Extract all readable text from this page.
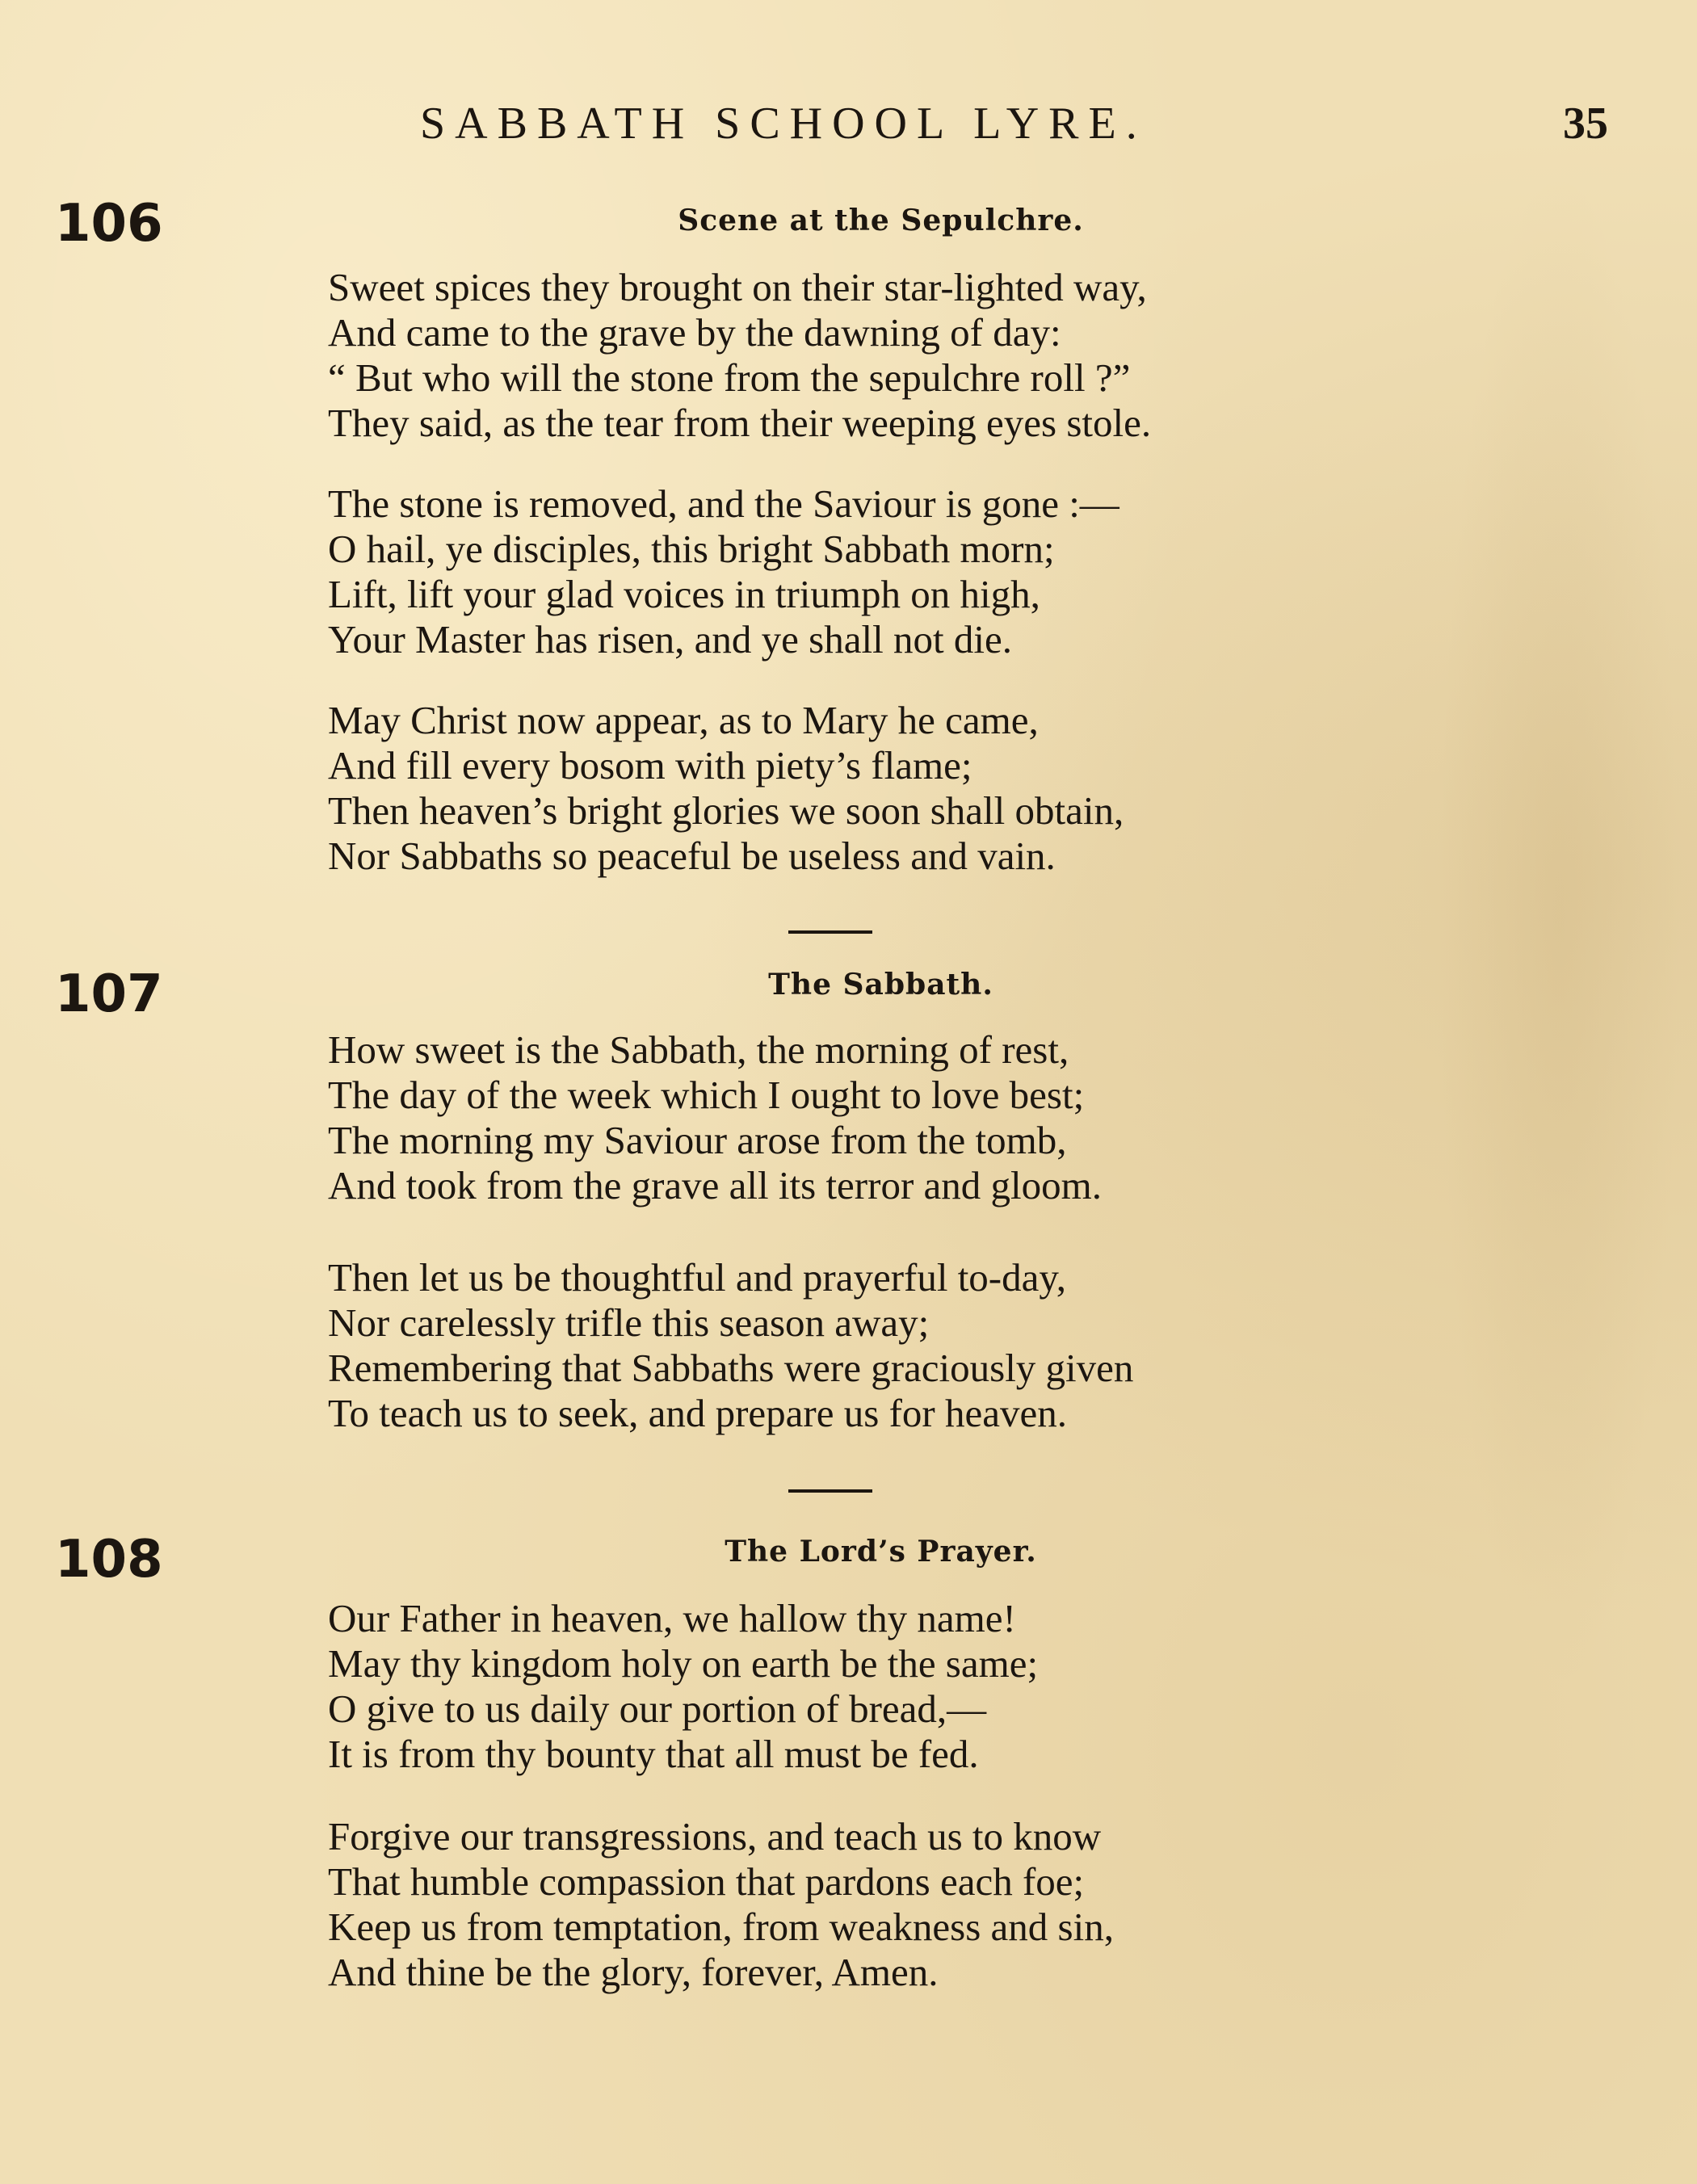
SABBATH SCHOOL LYRE.	35
106	Scene at the Sepulchre.
Sweet spices they brought on their star-lighted way,
And came to the grave by the dawning of day:
“ But who will the stone from the sepulchre roll ?”
They said, as the tear from their weeping eyes stole.
The stone is removed, and the Saviour is gone :—
O hail, ye disciples, this bright Sabbath morn;
Lift, lift your glad voices in triumph on high,
Your Master has risen, and ye shall not die.
May Christ now appear, as to Mary he came,
And fill every bosom with piety’s flame;
Then heaven’s bright glories we soon shall obtain,
Nor Sabbaths so peaceful be useless and vain.
107	The Sabbath.
How sweet is the Sabbath, the morning of rest,
The day of the week which I ought to love best;
The morning my Saviour arose from the tomb,
And took from the grave all its terror and gloom.
Then let us be thoughtful and prayerful to-day,
Nor carelessly trifle this season away;
Remembering that Sabbaths were graciously given
To teach us to seek, and prepare us for heaven.
108	The Lord’s Prayer.
Our Father in heaven, we hallow thy name!
May thy kingdom holy on earth be the same;
O give to us daily our portion of bread,—
It is from thy bounty that all must be fed.
Forgive our transgressions, and teach us to know
That humble compassion that pardons each foe;
Keep us from temptation, from weakness and sin,
And thine be the glory, forever, Amen.
